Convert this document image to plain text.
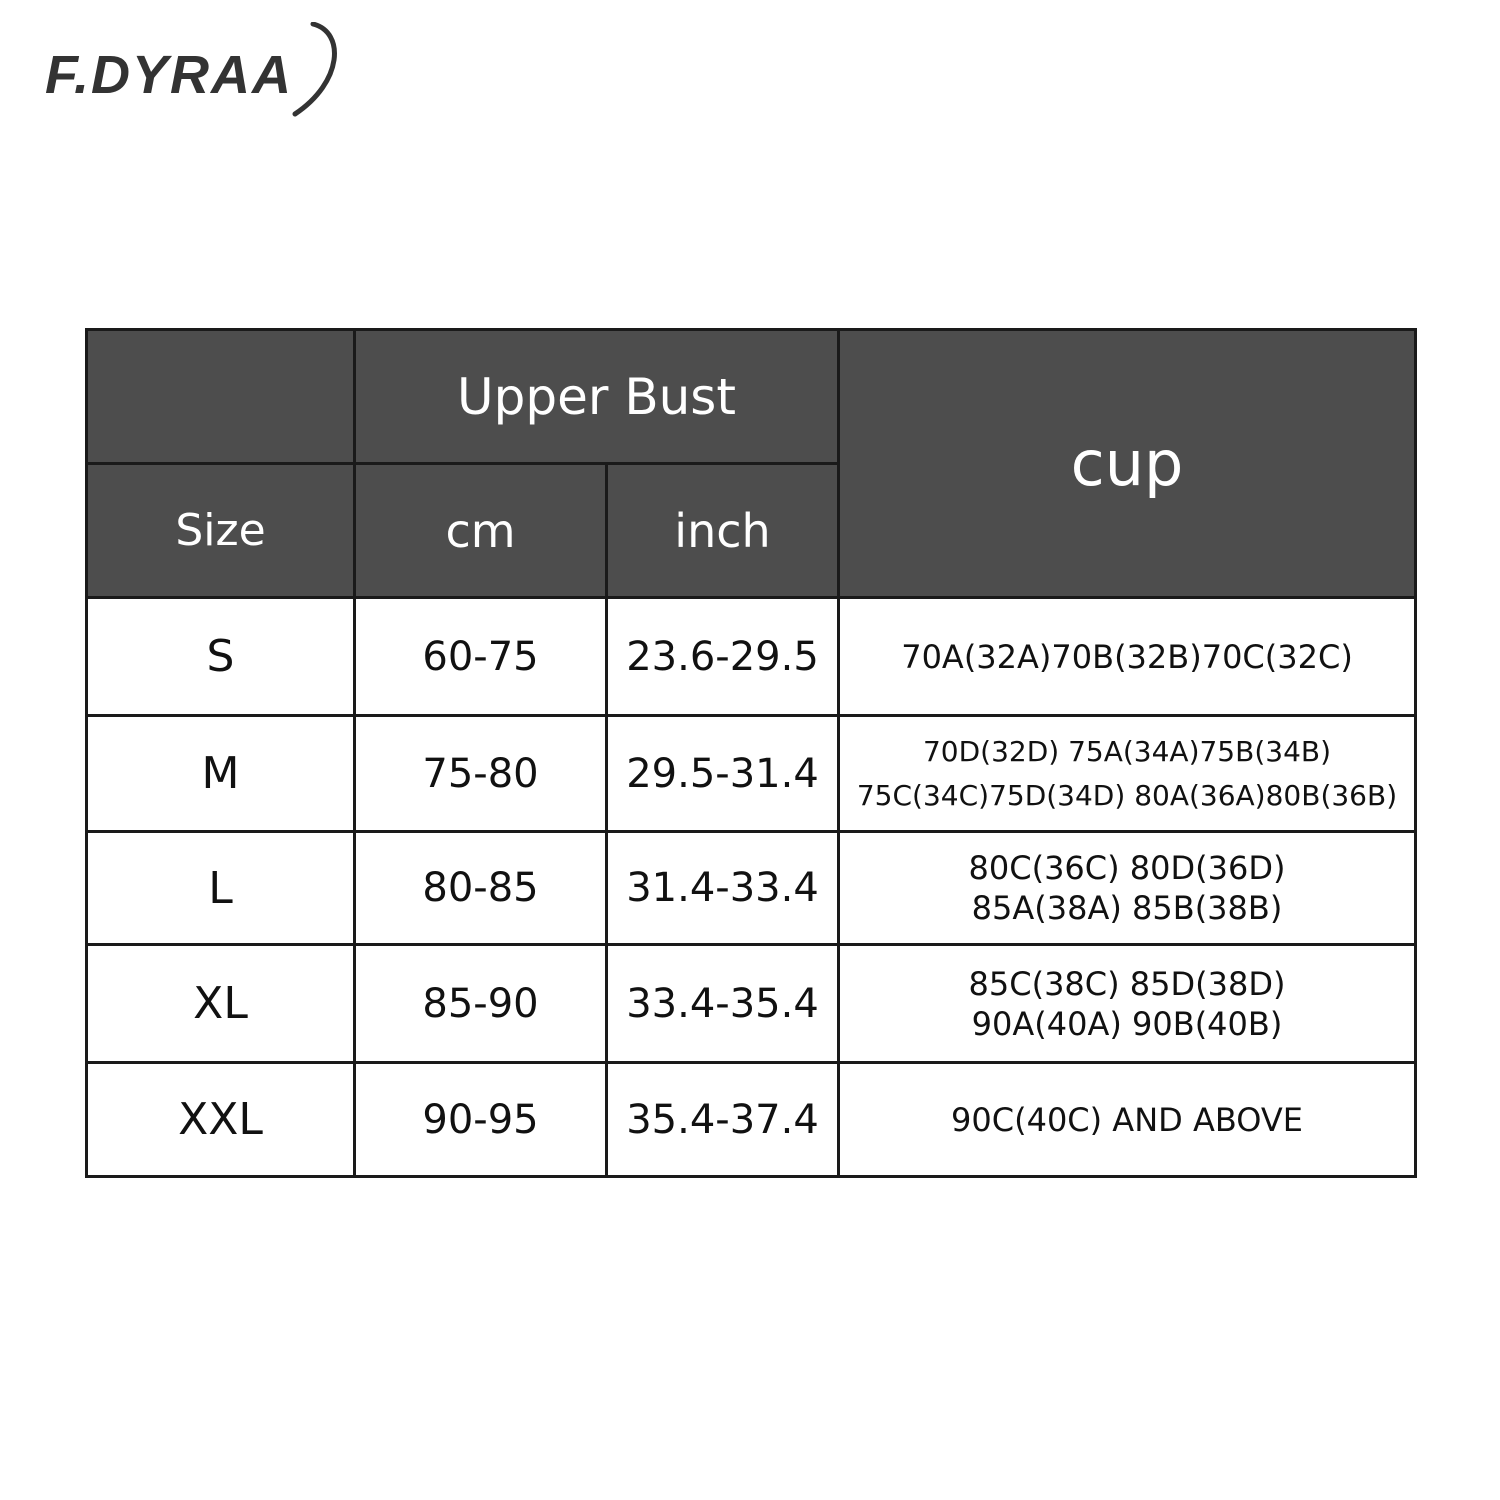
F.DYRAA
	Upper Bust		cup
Size	cm	inch	
S	60-75	23.6-29.5	70A(32A)70B(32B)70C(32C)

M	75-80	29.5-31.4	70D(32D) 75A(34A)75B(34B)
75C(34C)75D(34D) 80A(36A)80B(36B)

L	80-85	31.4-33.4	80C(36C) 80D(36D)
85A(38A) 85B(38B)

XL	85-90	33.4-35.4	85C(38C) 85D(38D)
90A(40A) 90B(40B)

XXL	90-95	35.4-37.4	90C(40C) AND ABOVE
